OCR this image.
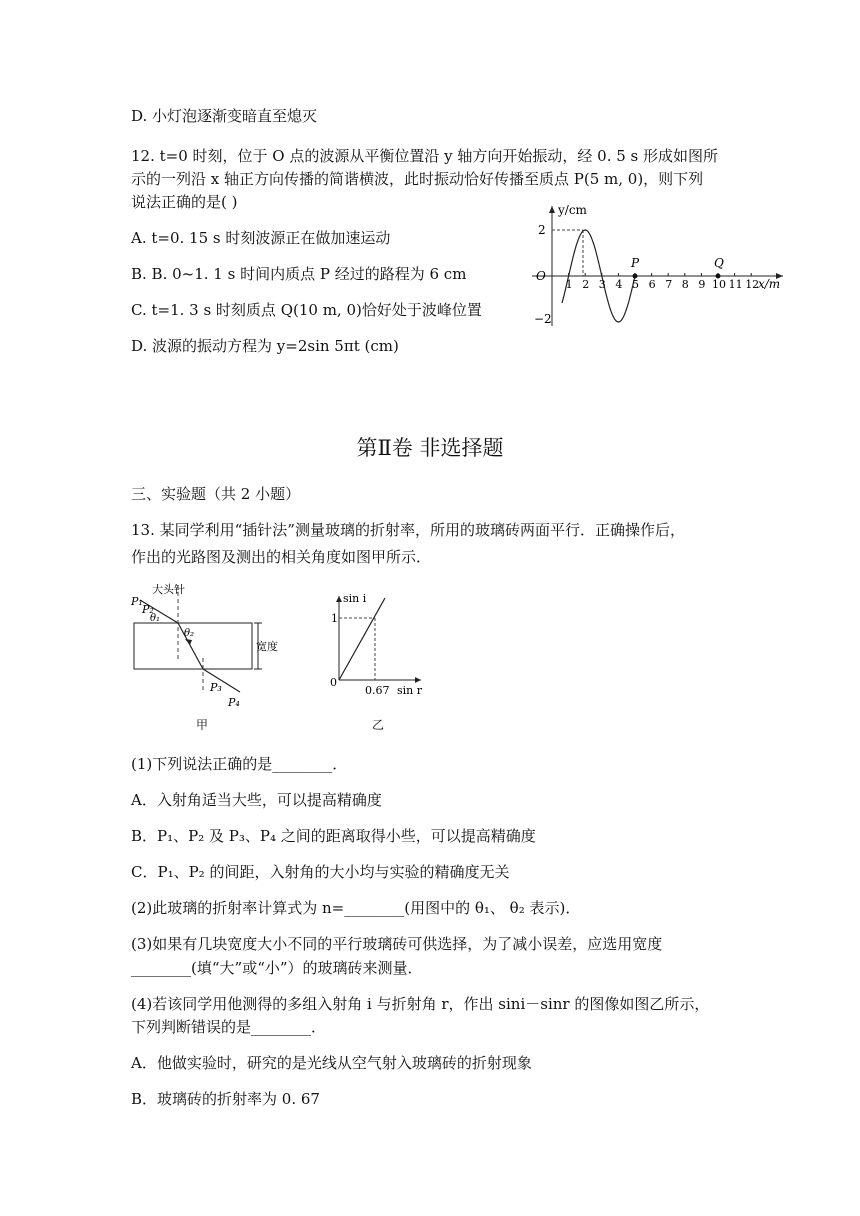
D. 小灯泡逐渐变暗直至熄灭
12. t=0 时刻，位于 O 点的波源从平衡位置沿 y 轴方向开始振动，经 0. 5 s 形成如图所
示的一列沿 x 轴正方向传播的简谐横波，此时振动恰好传播至质点 P(5 m, 0)，则下列
说法正确的是( )
A. t=0. 15 s 时刻波源正在做加速运动
B. B. 0~1. 1 s 时间内质点 P 经过的路程为 6 cm
C. t=1. 3 s 时刻质点 Q(10 m, 0)恰好处于波峰位置
D. 波源的振动方程为 y=2sin 5πt (cm)
y/cm
x/m
O
2
−2
1 2 3 4 5 6 7 8 9 10 11 12
P	Q
第Ⅱ卷 非选择题
三、实验题（共 2 小题）
13. 某同学利用“插针法”测量玻璃的折射率，所用的玻璃砖两面平行．正确操作后，
作出的光路图及测出的相关角度如图甲所示．
大头针
宽度
P₁
P₂
θ₁
θ₂
P₃
P₄
甲
sin i
1
0
0.67 sin r
乙
(1)下列说法正确的是________．
A．入射角适当大些，可以提高精确度
B．P₁、P₂ 及 P₃、P₄ 之间的距离取得小些，可以提高精确度
C．P₁、P₂ 的间距，入射角的大小均与实验的精确度无关
(2)此玻璃的折射率计算式为 n=________(用图中的 θ₁、 θ₂ 表示)．
(3)如果有几块宽度大小不同的平行玻璃砖可供选择，为了减小误差，应选用宽度
________(填“大”或“小”）的玻璃砖来测量．
(4)若该同学用他测得的多组入射角 i 与折射角 r，作出 sini－sinr 的图像如图乙所示，
下列判断错误的是________．
A．他做实验时，研究的是光线从空气射入玻璃砖的折射现象
B．玻璃砖的折射率为 0. 67
